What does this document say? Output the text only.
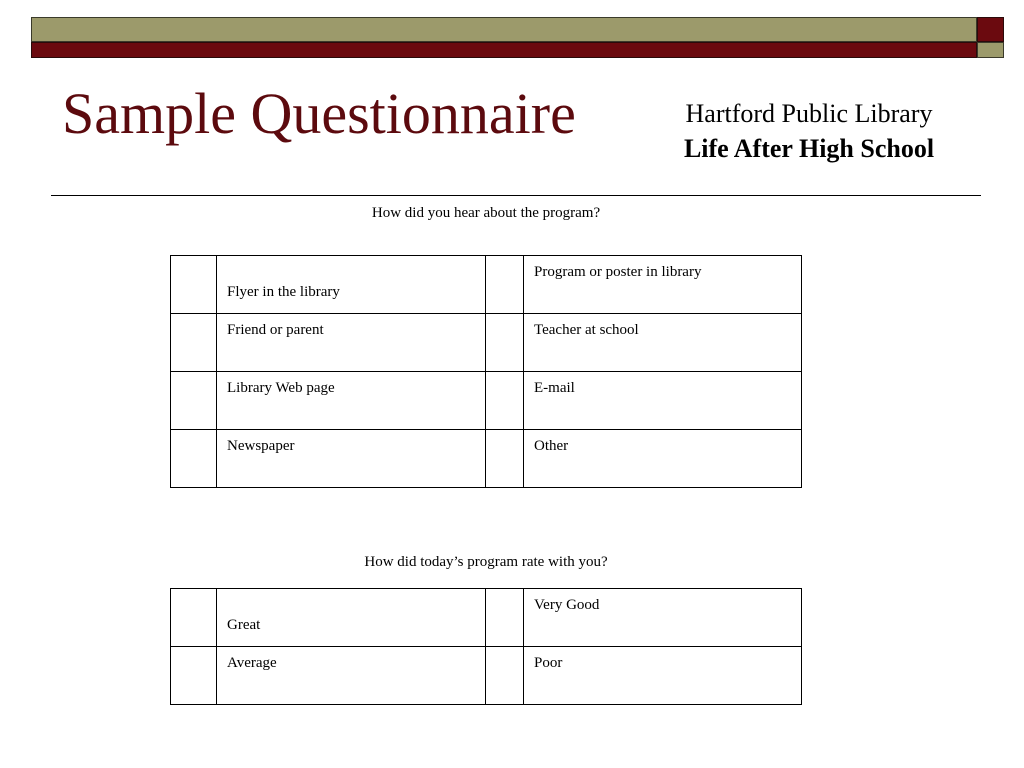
Sample Questionnaire	Hartford Public Library
Life After High School
How did you hear about the program?
	Flyer in the library		Program or poster in library
	Friend or parent		Teacher at school
	Library Web page		E-mail
	Newspaper		Other
How did today’s program rate with you?
	Great		Very Good
	Average		Poor
